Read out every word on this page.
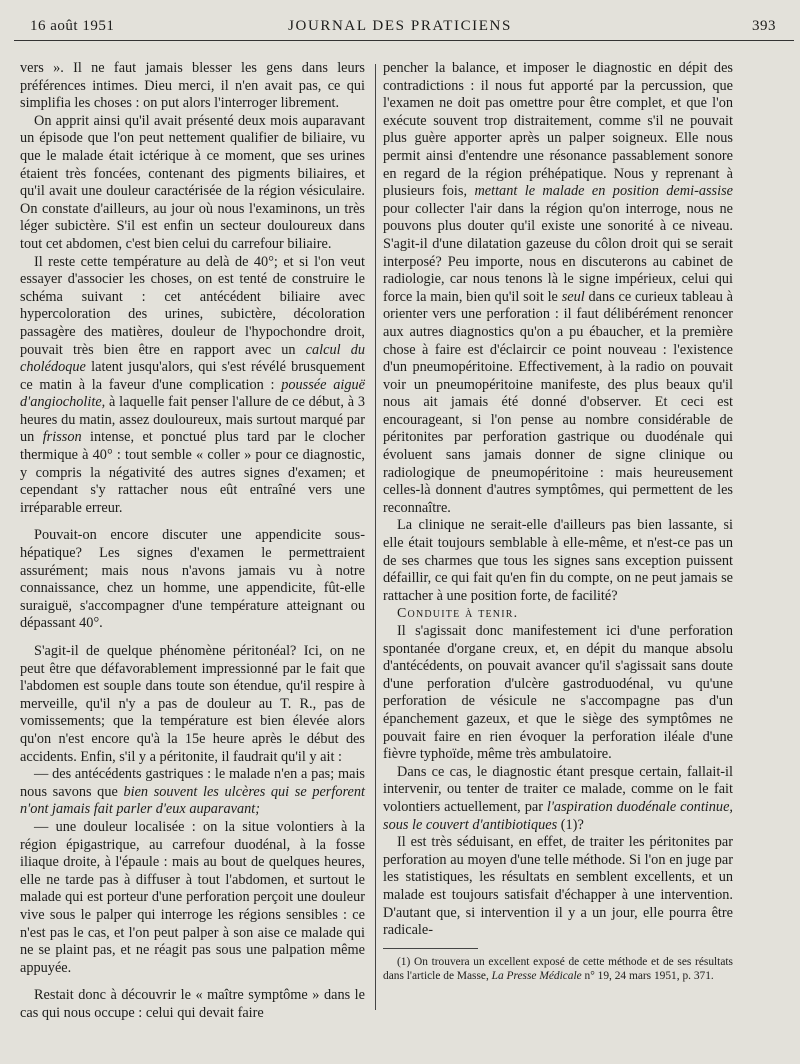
16 août 1951	JOURNAL DES PRATICIENS	393

vers ». Il ne faut jamais blesser les gens dans leurs préférences intimes. Dieu merci, il n'en avait pas, ce qui simplifia les choses : on put alors l'interroger librement.

On apprit ainsi qu'il avait présenté deux mois auparavant un épisode que l'on peut nettement qualifier de biliaire, vu que le malade était ictérique à ce moment, que ses urines étaient très foncées, contenant des pigments biliaires, et qu'il avait une douleur caractérisée de la région vésiculaire. On constate d'ailleurs, au jour où nous l'examinons, un très léger subictère. S'il est enfin un secteur douloureux dans tout cet abdomen, c'est bien celui du carrefour biliaire.

Il reste cette température au delà de 40°; et si l'on veut essayer d'associer les choses, on est tenté de construire le schéma suivant : cet antécédent biliaire avec hypercoloration des urines, subictère, décoloration passagère des matières, douleur de l'hypochondre droit, pouvait très bien être en rapport avec un calcul du cholédoque latent jusqu'alors, qui s'est révélé brusquement ce matin à la faveur d'une complication : poussée aiguë d'angiocholite, à laquelle fait penser l'allure de ce début, à 3 heures du matin, assez douloureux, mais surtout marqué par un frisson intense, et ponctué plus tard par le clocher thermique à 40° : tout semble « coller » pour ce diagnostic, y compris la négativité des autres signes d'examen; et cependant s'y rattacher nous eût entraîné vers une irréparable erreur.

Pouvait-on encore discuter une appendicite sous-hépatique? Les signes d'examen le permettraient assurément; mais nous n'avons jamais vu à notre connaissance, chez un homme, une appendicite, fût-elle suraiguë, s'accompagner d'une température atteignant ou dépassant 40°.

S'agit-il de quelque phénomène péritonéal? Ici, on ne peut être que défavorablement impressionné par le fait que l'abdomen est souple dans toute son étendue, qu'il respire à merveille, qu'il n'y a pas de douleur au T. R., pas de vomissements; que la température est bien élevée alors qu'on n'est encore qu'à la 15e heure après le début des accidents. Enfin, s'il y a péritonite, il faudrait qu'il y ait :

— des antécédents gastriques : le malade n'en a pas; mais nous savons que bien souvent les ulcères qui se perforent n'ont jamais fait parler d'eux auparavant;

— une douleur localisée : on la situe volontiers à la région épigastrique, au carrefour duodénal, à la fosse iliaque droite, à l'épaule : mais au bout de quelques heures, elle ne tarde pas à diffuser à tout l'abdomen, et surtout le malade qui est porteur d'une perforation perçoit une douleur vive sous le palper qui interroge les régions sensibles : ce n'est pas le cas, et l'on peut palper à son aise ce malade qui ne se plaint pas, et ne réagit pas sous une palpation même appuyée.

Restait donc à découvrir le « maître symptôme » dans le cas qui nous occupe : celui qui devait faire

pencher la balance, et imposer le diagnostic en dépit des contradictions : il nous fut apporté par la percussion, que l'examen ne doit pas omettre pour être complet, et que l'on exécute souvent trop distraitement, comme s'il ne pouvait plus guère apporter après un palper soigneux. Elle nous permit ainsi d'entendre une résonance passablement sonore en regard de la région préhépatique. Nous y reprenant à plusieurs fois, mettant le malade en position demi-assise pour collecter l'air dans la région qu'on interroge, nous ne pouvons plus douter qu'il existe une sonorité à ce niveau. S'agit-il d'une dilatation gazeuse du côlon droit qui se serait interposé? Peu importe, nous en discuterons au cabinet de radiologie, car nous tenons là le signe impérieux, celui qui force la main, bien qu'il soit le seul dans ce curieux tableau à orienter vers une perforation : il faut délibérément renoncer aux autres diagnostics qu'on a pu ébaucher, et la première chose à faire est d'éclaircir ce point nouveau : l'existence d'un pneumopéritoine. Effectivement, à la radio on pouvait voir un pneumopéritoine manifeste, des plus beaux qu'il nous ait jamais été donné d'observer. Et ceci est encourageant, si l'on pense au nombre considérable de péritonites par perforation gastrique ou duodénale qui évoluent sans jamais donner de signe clinique ou radiologique de pneumopéritoine : mais heureusement celles-là donnent d'autres symptômes, qui permettent de les reconnaître.

La clinique ne serait-elle d'ailleurs pas bien lassante, si elle était toujours semblable à elle-même, et n'est-ce pas un de ses charmes que tous les signes sans exception puissent défaillir, ce qui fait qu'en fin du compte, on ne peut jamais se rattacher à une position forte, de facilité?

Conduite à tenir.

Il s'agissait donc manifestement ici d'une perforation spontanée d'organe creux, et, en dépit du manque absolu d'antécédents, on pouvait avancer qu'il s'agissait sans doute d'une perforation d'ulcère gastroduodénal, vu qu'une perforation de vésicule ne s'accompagne pas d'un épanchement gazeux, et que le siège des symptômes ne pouvait faire en rien évoquer la perforation iléale d'une fièvre typhoïde, même très ambulatoire.

Dans ce cas, le diagnostic étant presque certain, fallait-il intervenir, ou tenter de traiter ce malade, comme on le fait volontiers actuellement, par l'aspiration duodénale continue, sous le couvert d'antibiotiques (1)?

Il est très séduisant, en effet, de traiter les péritonites par perforation au moyen d'une telle méthode. Si l'on en juge par les statistiques, les résultats en semblent excellents, et un malade est toujours satisfait d'échapper à une intervention. D'autant que, si intervention il y a un jour, elle pourra être radicale-

(1) On trouvera un excellent exposé de cette méthode et de ses résultats dans l'article de Masse, La Presse Médicale n° 19, 24 mars 1951, p. 371.
